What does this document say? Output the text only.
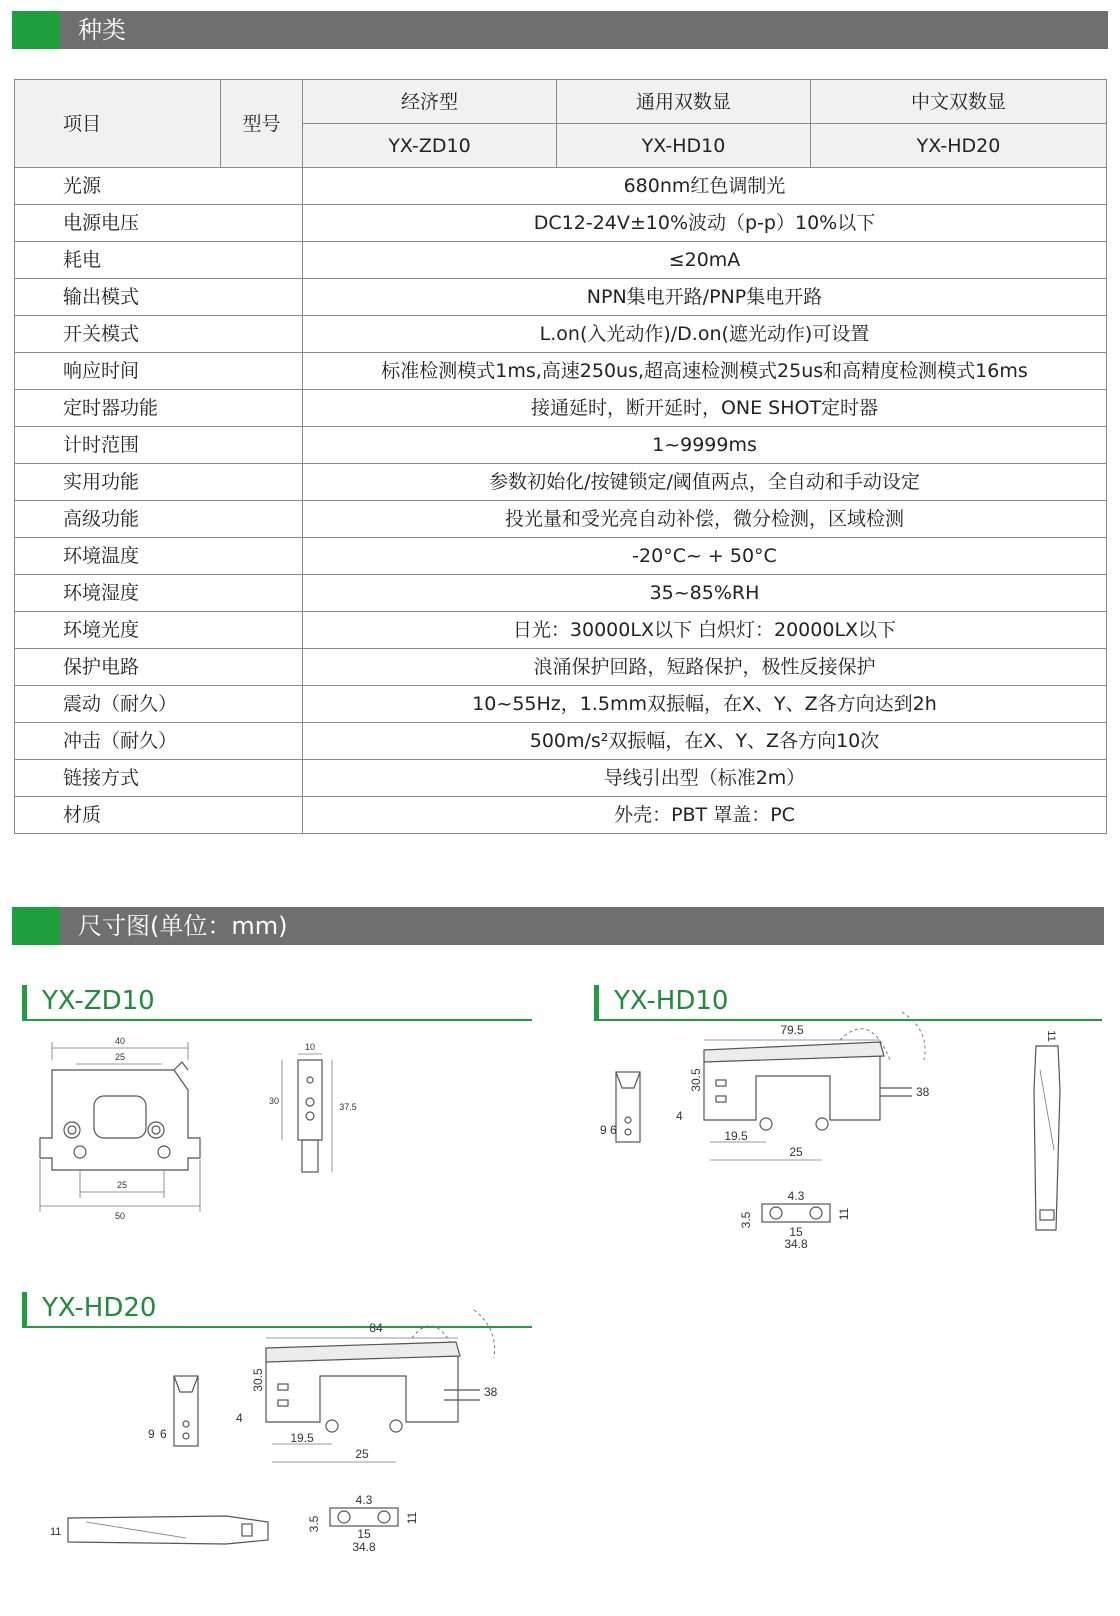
种类
项目	型号	经济型	通用双数显	中文双数显
		YX-ZD10	YX-HD10	YX-HD20
光源		680nm红色调制光		
电源电压		DC12-24V±10%波动（p-p）10%以下		
耗电		≤20mA		
输出模式		NPN集电开路/PNP集电开路		
开关模式		L.on(入光动作)/D.on(遮光动作)可设置		
响应时间		标准检测模式1ms,高速250us,超高速检测模式25us和高精度检测模式16ms		
定时器功能		接通延时，断开延时，ONE SHOT定时器		
计时范围		1~9999ms		
实用功能		参数初始化/按键锁定/阈值两点，全自动和手动设定		
高级功能		投光量和受光亮自动补偿，微分检测，区域检测		
环境温度		-20°C~ + 50°C		
环境湿度		35~85%RH		
环境光度		日光：30000LX以下 白炽灯：20000LX以下		
保护电路		浪涌保护回路，短路保护，极性反接保护		
震动（耐久）		10~55Hz，1.5mm双振幅，在X、Y、Z各方向达到2h		
冲击（耐久）		500m/s²双振幅，在X、Y、Z各方向10次		
链接方式		导线引出型（标准2m）		
材质		外壳：PBT 罩盖：PC		
尺寸图(单位：mm)
YX-ZD10	YX-HD10
YX-HD20
40
25
25
50
10
30
37.5
9 6
79.5
38
30.5
4
19.5
25
4.3
3.5	11
15
34.8
11
9 6
84
38
30.5
4
19.5
25
11
4.3
3.5	11
15
34.8
